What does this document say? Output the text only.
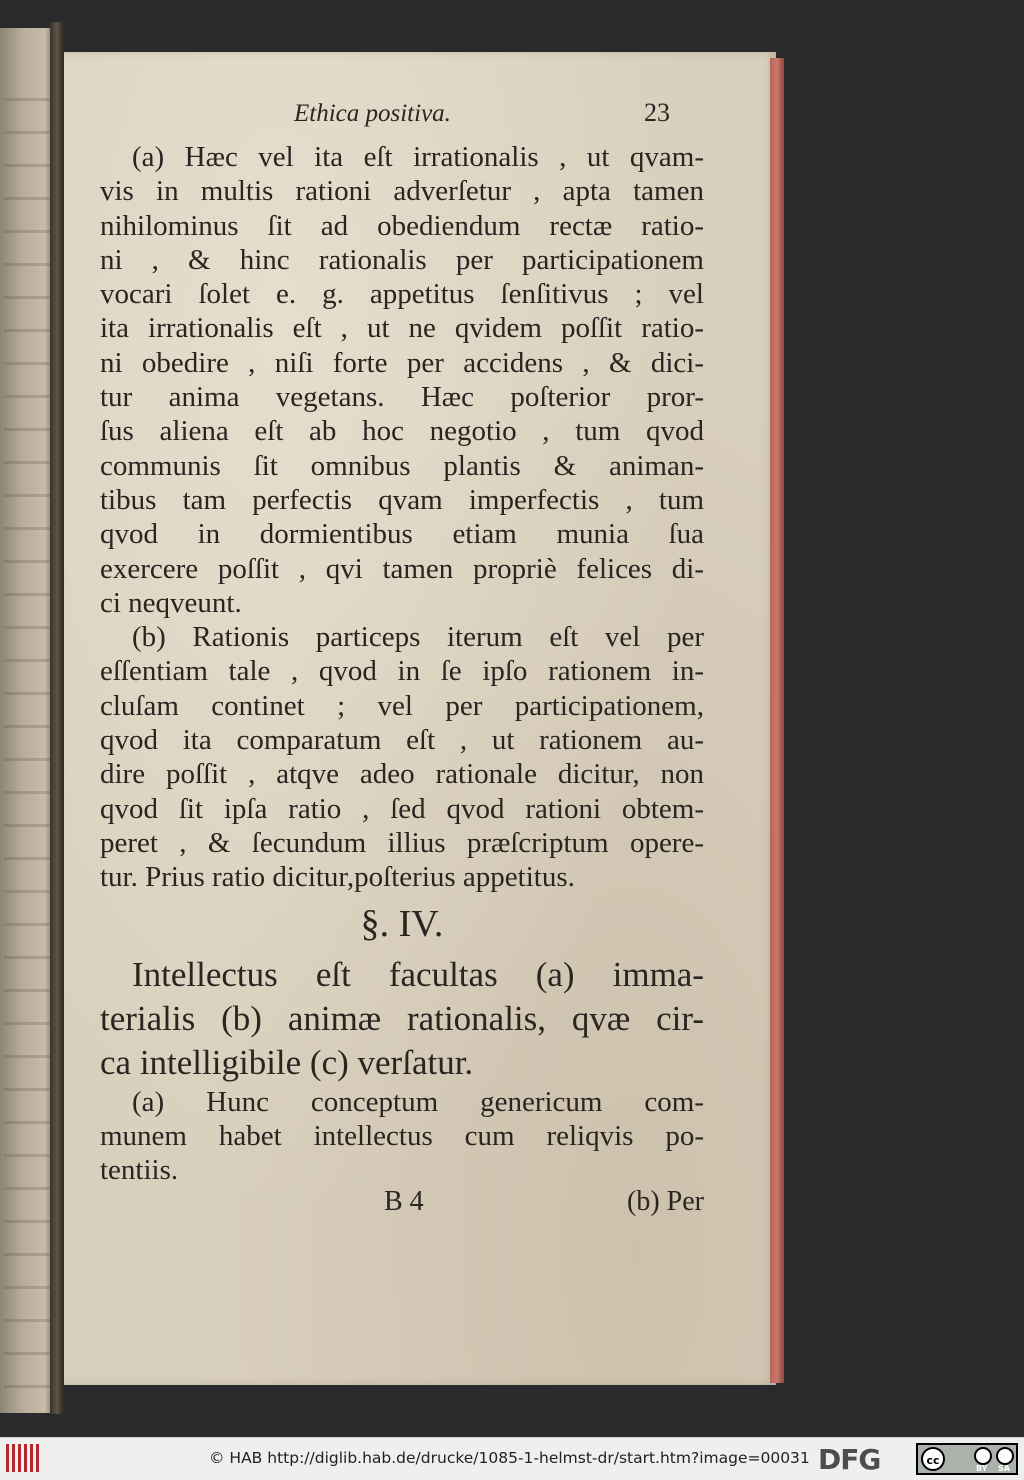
Ethica positiva.	23
(a) Hæc vel ita eſt irrationalis , ut qvam-
vis in multis rationi adverſetur , apta tamen
nihilominus ſit ad obediendum rectæ ratio-
ni , & hinc rationalis per participationem
vocari ſolet e. g. appetitus ſenſitivus ; vel
ita irrationalis eſt , ut ne qvidem poſſit ratio-
ni obedire , niſi forte per accidens , & dici-
tur anima vegetans. Hæc poſterior pror-
ſus aliena eſt ab hoc negotio , tum qvod
communis ſit omnibus plantis & animan-
tibus tam perfectis qvam imperfectis , tum
qvod in dormientibus etiam munia ſua
exercere poſſit , qvi tamen propriè felices di-
ci neqveunt.
(b) Rationis particeps iterum eſt vel per
eſſentiam tale , qvod in ſe ipſo rationem in-
cluſam continet ; vel per participationem,
qvod ita comparatum eſt , ut rationem au-
dire poſſit , atqve adeo rationale dicitur, non
qvod ſit ipſa ratio , ſed qvod rationi obtem-
peret , & ſecundum illius præſcriptum opere-
tur. Prius ratio dicitur,poſterius appetitus.
§. IV.
Intellectus eſt facultas (a) imma-
terialis (b) animæ rationalis, qvæ cir-
ca intelligibile (c) verſatur.
(a) Hunc conceptum genericum com-
munem habet intellectus cum reliqvis po-
tentiis.
B 4	(b) Per
© HAB http://diglib.hab.de/drucke/1085-1-helmst-dr/start.htm?image=00031 DFG	cc
BY SA
